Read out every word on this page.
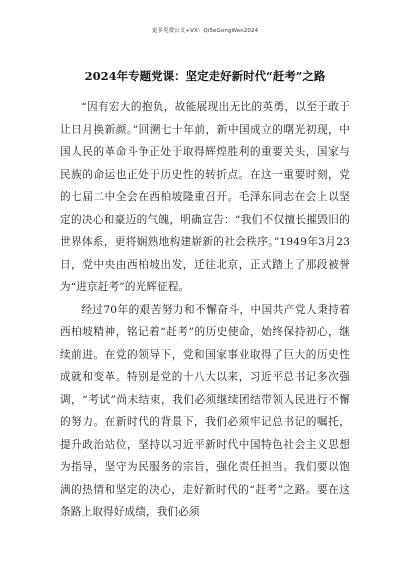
更多免费公文+VX：Qi5eGongWen2024
2024年专题党课：坚定走好新时代“赶考”之路

“因有宏大的抱负，故能展现出无比的英勇，以至于敢于让日月换新颜。”回溯七十年前，新中国成立的曙光初现，中国人民的革命斗争正处于取得辉煌胜利的重要关头，国家与民族的命运也正处于历史性的转折点。在这一重要时刻，党的七届二中全会在西柏坡隆重召开。毛泽东同志在会上以坚定的决心和豪迈的气魄，明确宣告：“我们不仅擅长摧毁旧的世界体系，更将娴熟地构建崭新的社会秩序。”1949年3月23日，党中央由西柏坡出发，迁往北京，正式踏上了那段被誉为“进京赶考”的光辉征程。

经过70年的艰苦努力和不懈奋斗，中国共产党人秉持着西柏坡精神，铭记着“赶考”的历史使命，始终保持初心，继续前进。在党的领导下，党和国家事业取得了巨大的历史性成就和变革。特别是党的十八大以来，习近平总书记多次强调，“考试”尚未结束，我们必须继续团结带领人民进行不懈的努力。在新时代的背景下，我们必须牢记总书记的嘱托，提升政治站位，坚持以习近平新时代中国特色社会主义思想为指导，坚守为民服务的宗旨，强化责任担当。我们要以饱满的热情和坚定的决心，走好新时代的“赶考”之路。要在这条路上取得好成绩，我们必须
